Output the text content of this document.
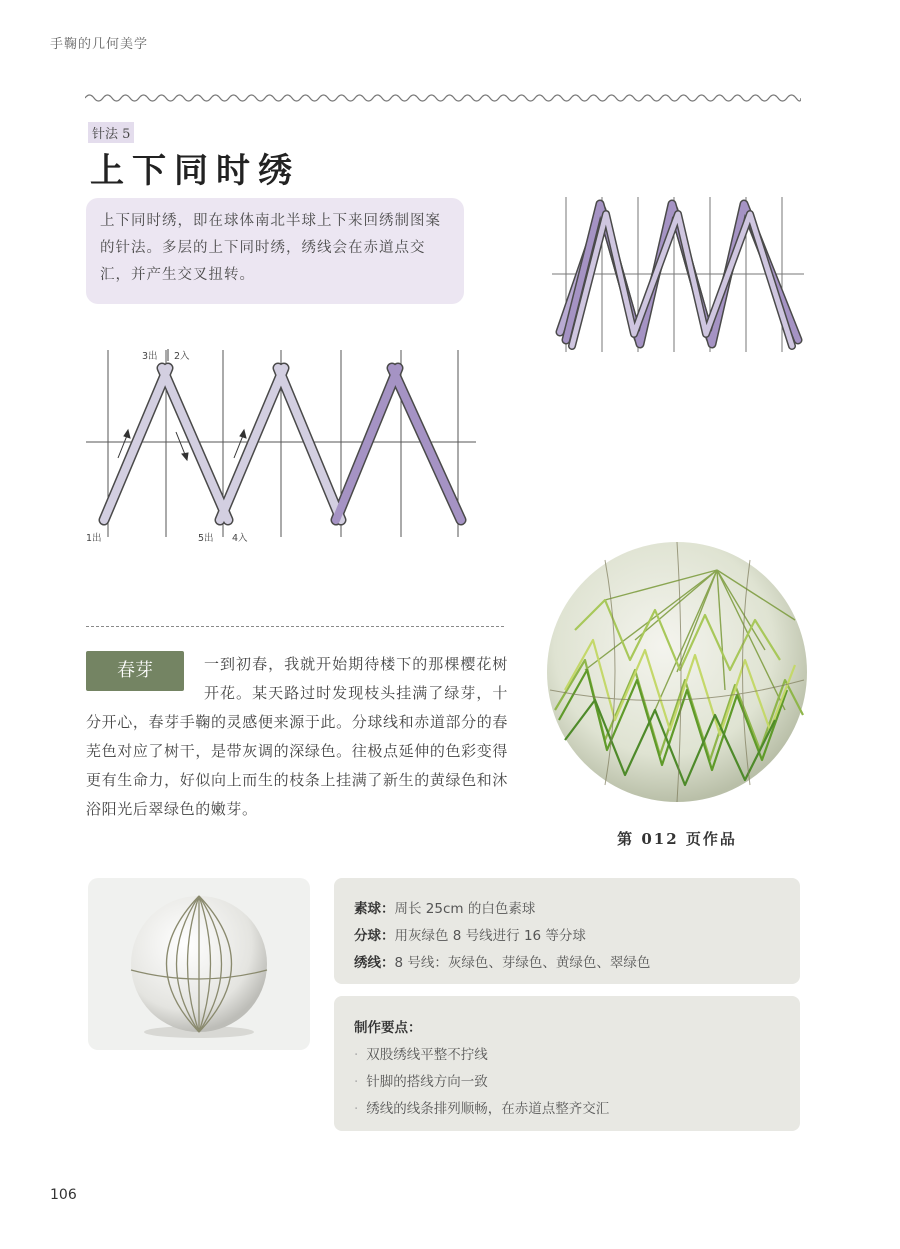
手鞠的几何美学
针法 5
上下同时绣
上下同时绣，即在球体南北半球上下来回绣制图案的针法。多层的上下同时绣，绣线会在赤道点交汇，并产生交叉扭转。
3出 2入
1出	5出 4入
春芽	一到初春，我就开始期待楼下的那棵樱花树开花。某天路过时发现枝头挂满了绿芽，十分开心，春芽手鞠的灵感便来源于此。分球线和赤道部分的春芜色对应了树干，是带灰调的深绿色。往极点延伸的色彩变得更有生命力，好似向上而生的枝条上挂满了新生的黄绿色和沐浴阳光后翠绿色的嫩芽。
第 012 页作品
素球：周长 25cm 的白色素球
分球：用灰绿色 8 号线进行 16 等分球
绣线：8 号线：灰绿色、芽绿色、黄绿色、翠绿色
制作要点：
· 双股绣线平整不拧线
· 针脚的搭线方向一致
· 绣线的线条排列顺畅，在赤道点整齐交汇
106
